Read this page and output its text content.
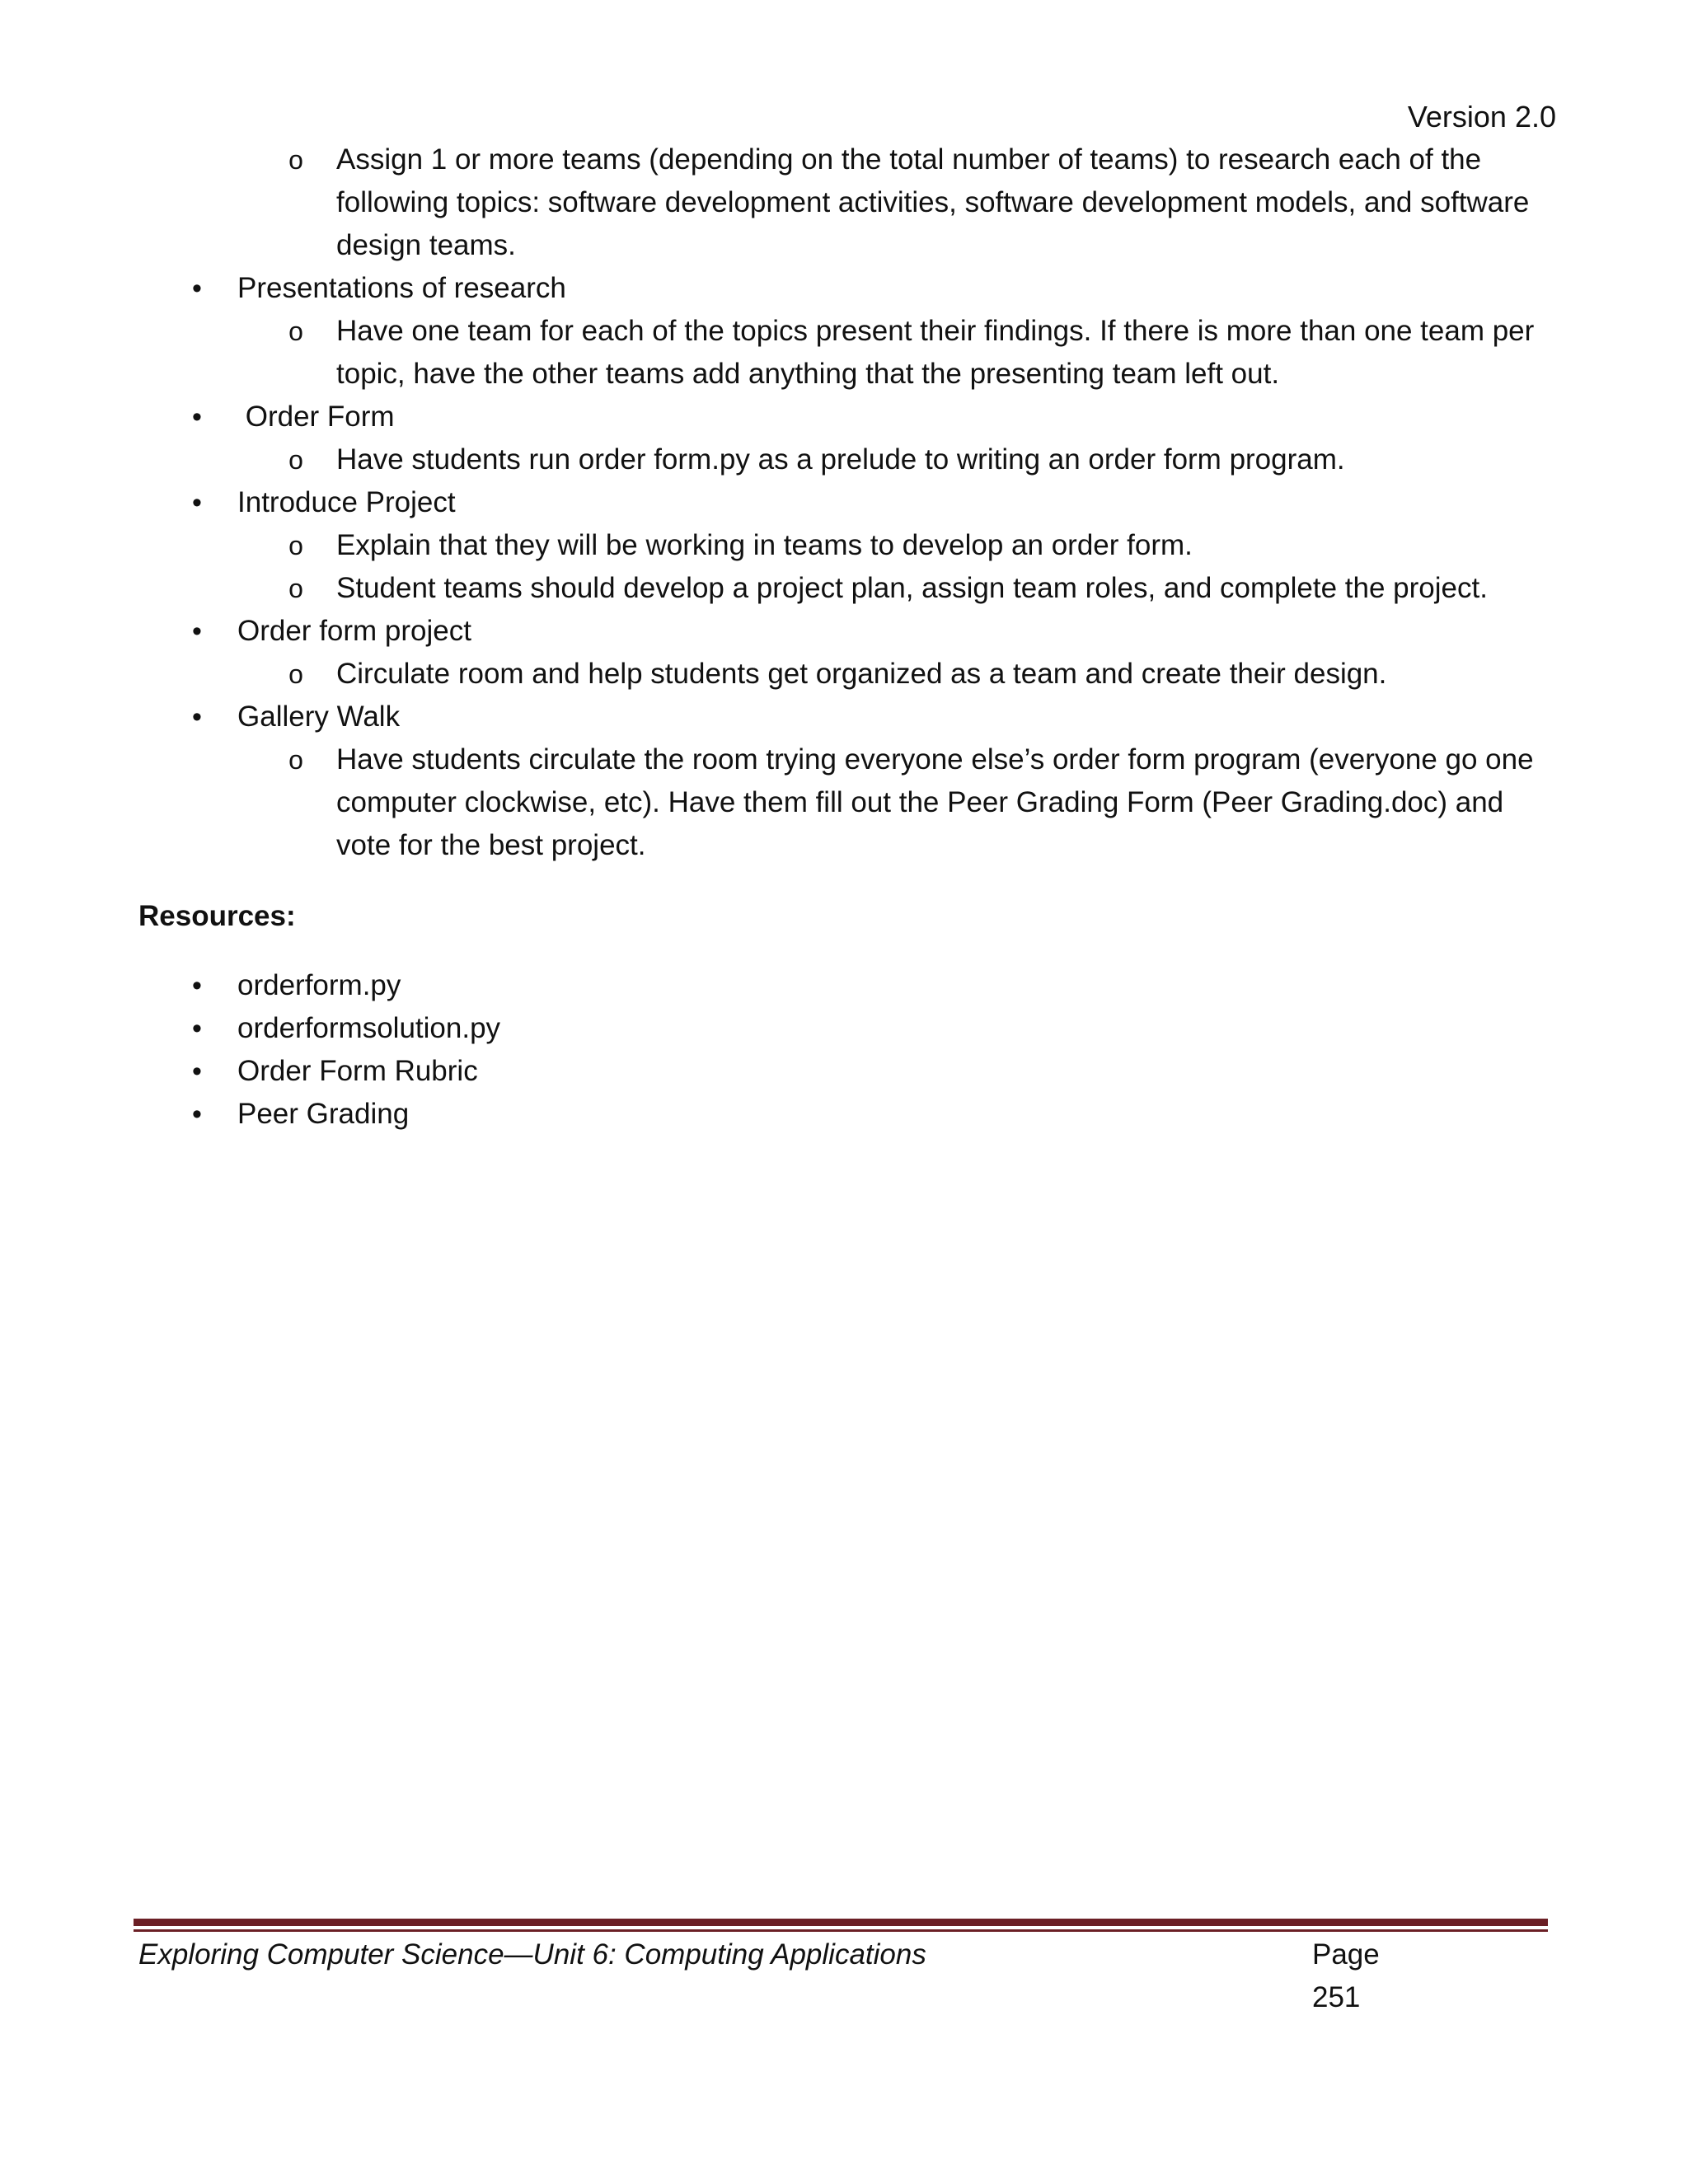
Version 2.0
o Assign 1 or more teams (depending on the total number of teams) to research each of the following topics: software development activities, software development models, and software design teams.
• Presentations of research
o Have one team for each of the topics present their findings. If there is more than one team per topic, have the other teams add anything that the presenting team left out.
• Order Form
o Have students run order form.py as a prelude to writing an order form program.
• Introduce Project
o Explain that they will be working in teams to develop an order form.
o Student teams should develop a project plan, assign team roles, and complete the project.
• Order form project
o Circulate room and help students get organized as a team and create their design.
• Gallery Walk
o Have students circulate the room trying everyone else’s order form program (everyone go one computer clockwise, etc). Have them fill out the Peer Grading Form (Peer Grading.doc) and vote for the best project.
Resources:
• orderform.py
• orderformsolution.py
• Order Form Rubric
• Peer Grading
Exploring Computer Science—Unit 6: Computing Applications	Page 251
